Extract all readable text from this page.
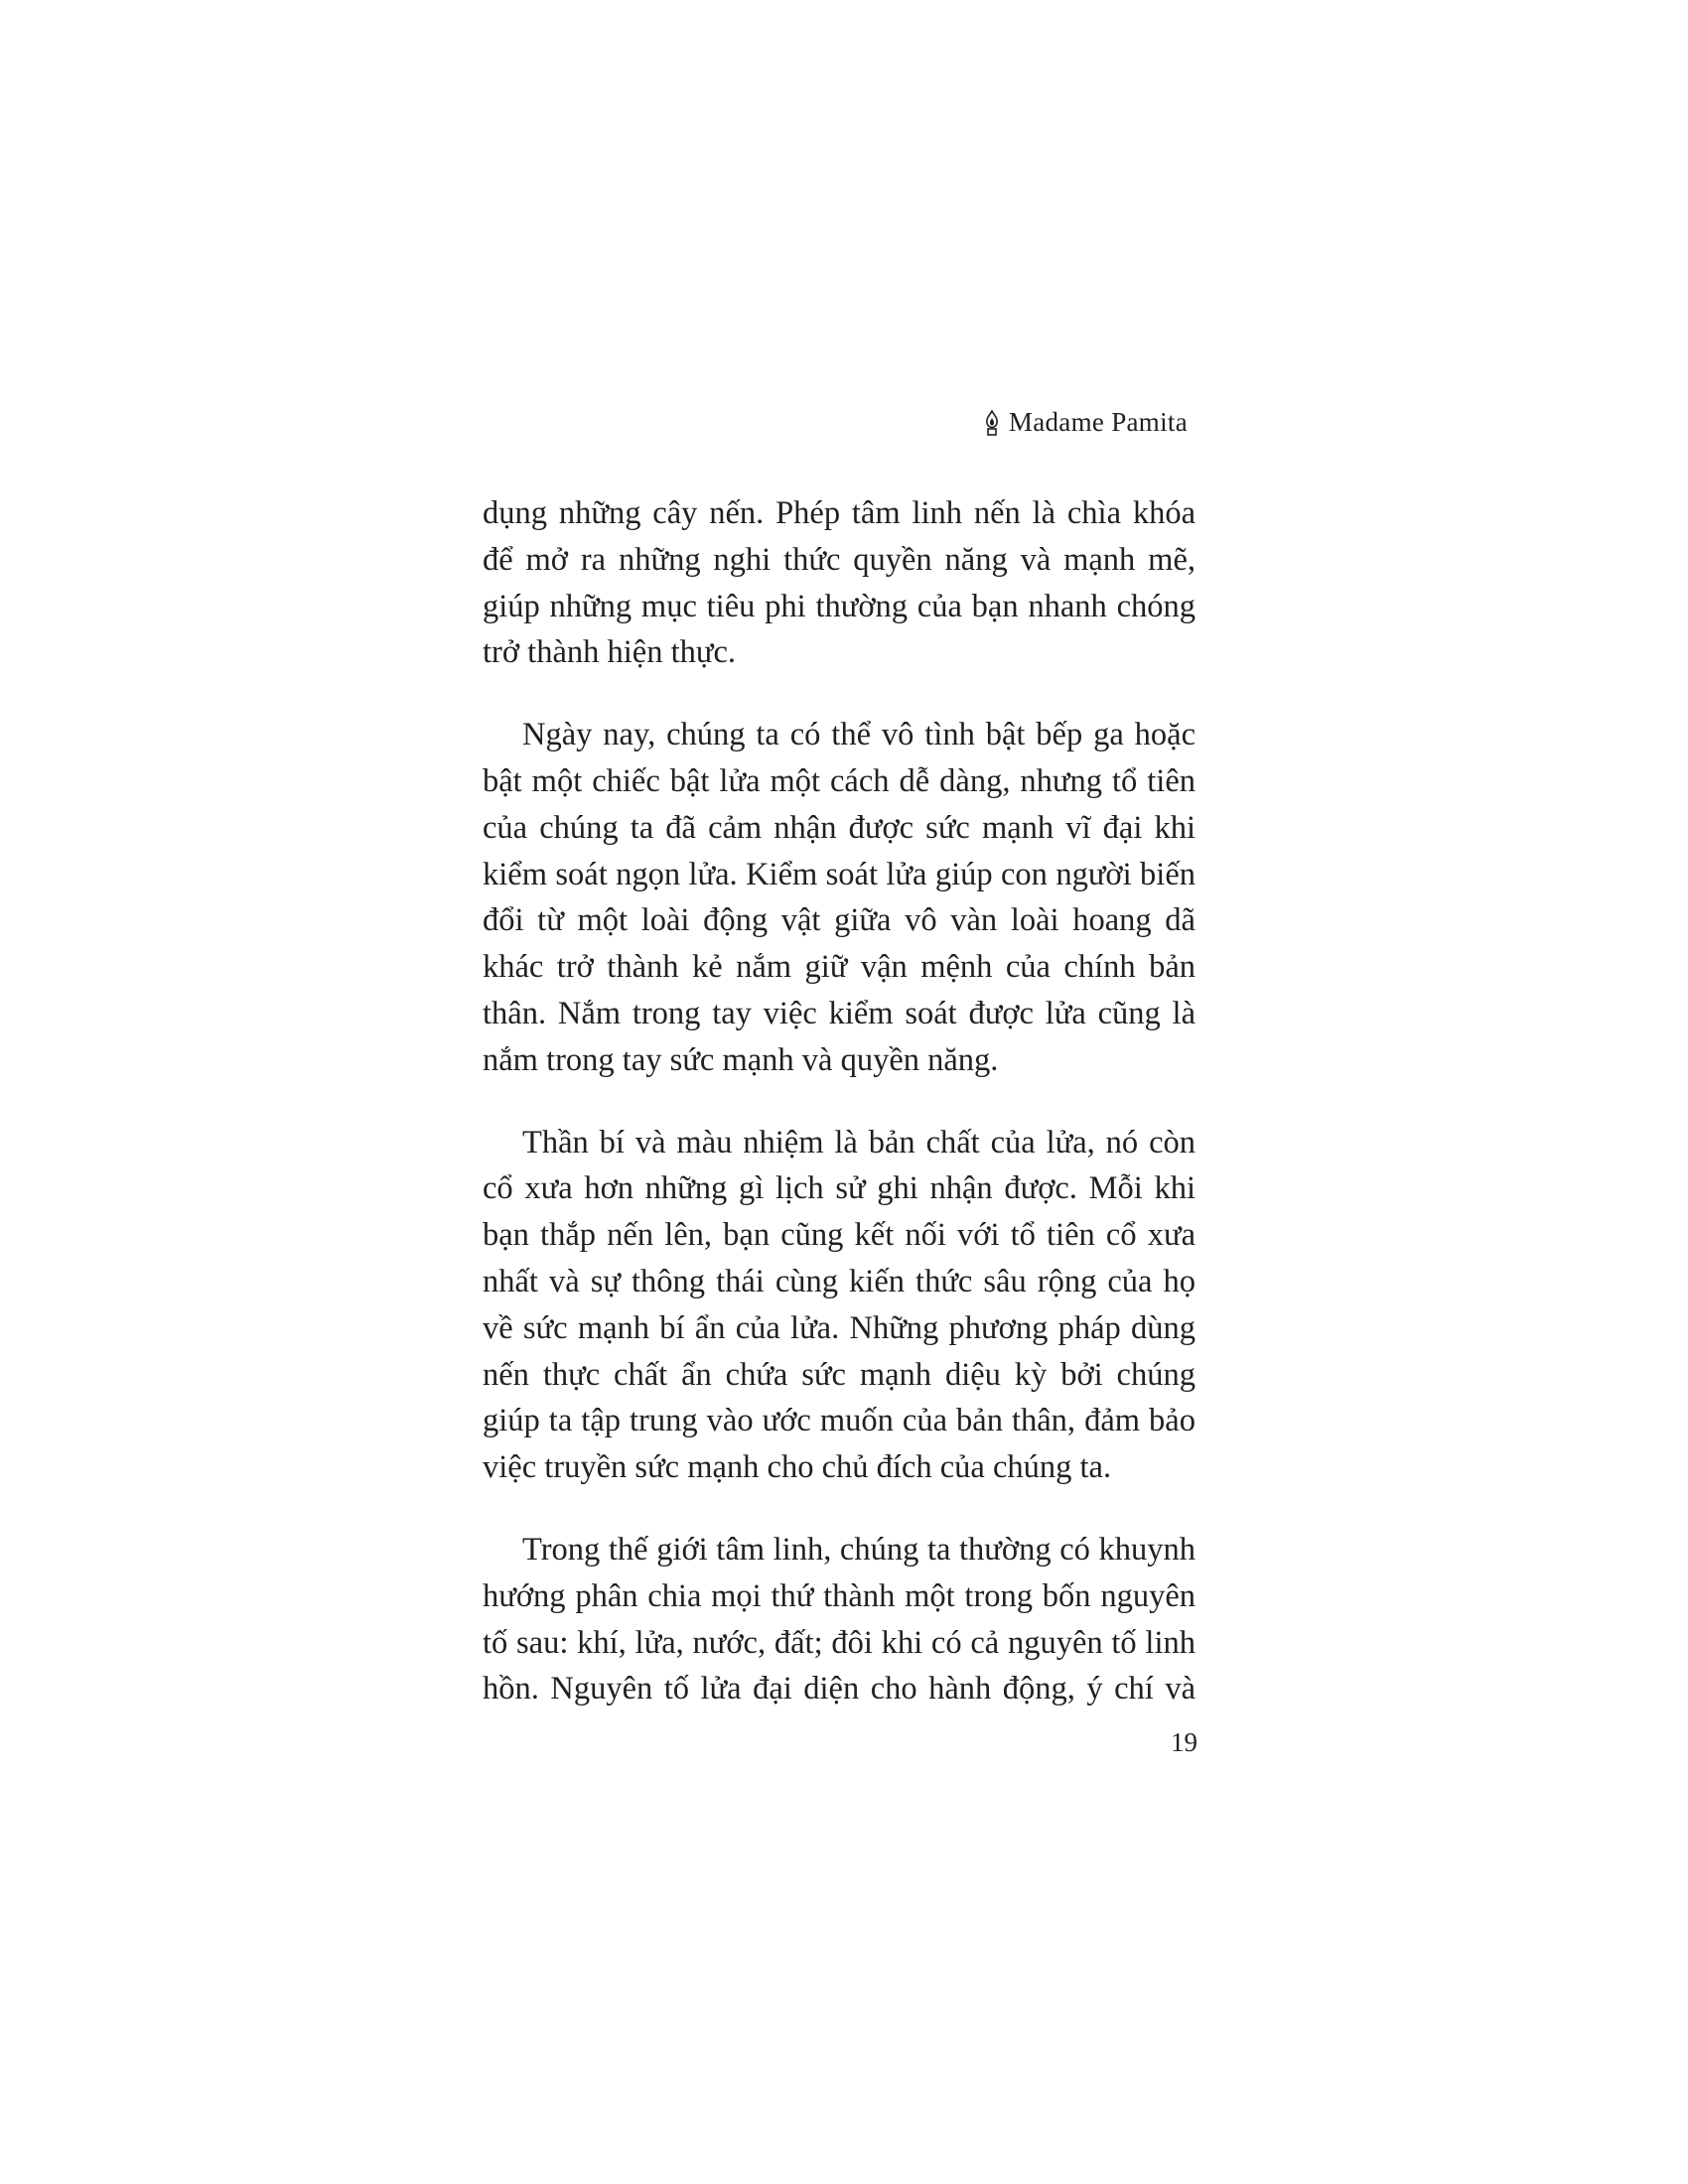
Madame Pamita

dụng những cây nến. Phép tâm linh nến là chìa khóa để mở ra những nghi thức quyền năng và mạnh mẽ, giúp những mục tiêu phi thường của bạn nhanh chóng trở thành hiện thực.

Ngày nay, chúng ta có thể vô tình bật bếp ga hoặc bật một chiếc bật lửa một cách dễ dàng, nhưng tổ tiên của chúng ta đã cảm nhận được sức mạnh vĩ đại khi kiểm soát ngọn lửa. Kiểm soát lửa giúp con người biến đổi từ một loài động vật giữa vô vàn loài hoang dã khác trở thành kẻ nắm giữ vận mệnh của chính bản thân. Nắm trong tay việc kiểm soát được lửa cũng là nắm trong tay sức mạnh và quyền năng.

Thần bí và màu nhiệm là bản chất của lửa, nó còn cổ xưa hơn những gì lịch sử ghi nhận được. Mỗi khi bạn thắp nến lên, bạn cũng kết nối với tổ tiên cổ xưa nhất và sự thông thái cùng kiến thức sâu rộng của họ về sức mạnh bí ẩn của lửa. Những phương pháp dùng nến thực chất ẩn chứa sức mạnh diệu kỳ bởi chúng giúp ta tập trung vào ước muốn của bản thân, đảm bảo việc truyền sức mạnh cho chủ đích của chúng ta.

Trong thế giới tâm linh, chúng ta thường có khuynh hướng phân chia mọi thứ thành một trong bốn nguyên tố sau: khí, lửa, nước, đất; đôi khi có cả nguyên tố linh hồn. Nguyên tố lửa đại diện cho hành động, ý chí và

19
